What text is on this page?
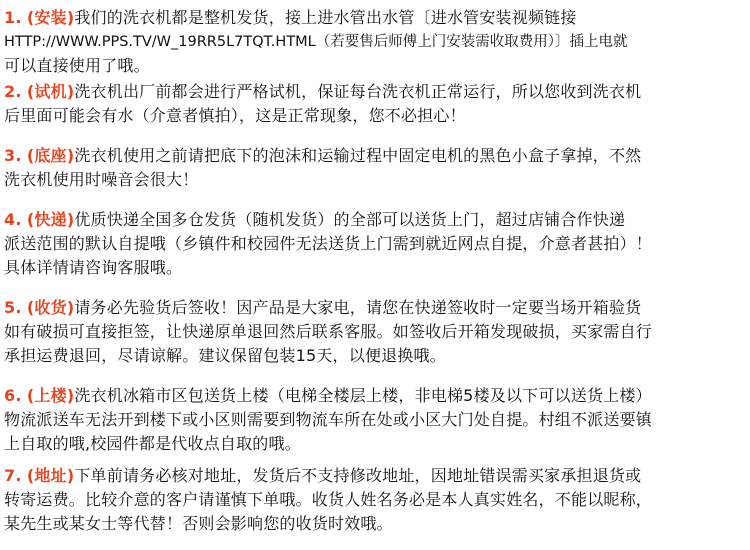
1. (安装)我们的洗衣机都是整机发货，接上进水管出水管〔进水管安装视频链接
HTTP://WWW.PPS.TV/W_19RR5L7TQT.HTML（若要售后师傅上门安装需收取费用）〕插上电就
可以直接使用了哦。
2. (试机)洗衣机出厂前都会进行严格试机，保证每台洗衣机正常运行，所以您收到洗衣机
后里面可能会有水（介意者慎拍），这是正常现象，您不必担心！
3. (底座)洗衣机使用之前请把底下的泡沫和运输过程中固定电机的黑色小盒子拿掉，不然
洗衣机使用时噪音会很大！
4. (快递)优质快递全国多仓发货（随机发货）的全部可以送货上门，超过店铺合作快递
派送范围的默认自提哦（乡镇件和校园件无法送货上门需到就近网点自提，介意者甚拍）！
具体详情请咨询客服哦。
5. (收货)请务必先验货后签收！因产品是大家电，请您在快递签收时一定要当场开箱验货
如有破损可直接拒签，让快递原单退回然后联系客服。如签收后开箱发现破损，买家需自行
承担运费退回，尽请谅解。建议保留包装15天，以便退换哦。
6. (上楼)洗衣机冰箱市区包送货上楼（电梯全楼层上楼，非电梯5楼及以下可以送货上楼）
物流派送车无法开到楼下或小区则需要到物流车所在处或小区大门处自提。村组不派送要镇
上自取的哦,校园件都是代收点自取的哦。
7. (地址)下单前请务必核对地址，发货后不支持修改地址，因地址错误需买家承担退货或
转寄运费。比较介意的客户请谨慎下单哦。收货人姓名务必是本人真实姓名，不能以昵称，
某先生或某女士等代替！否则会影响您的收货时效哦。
